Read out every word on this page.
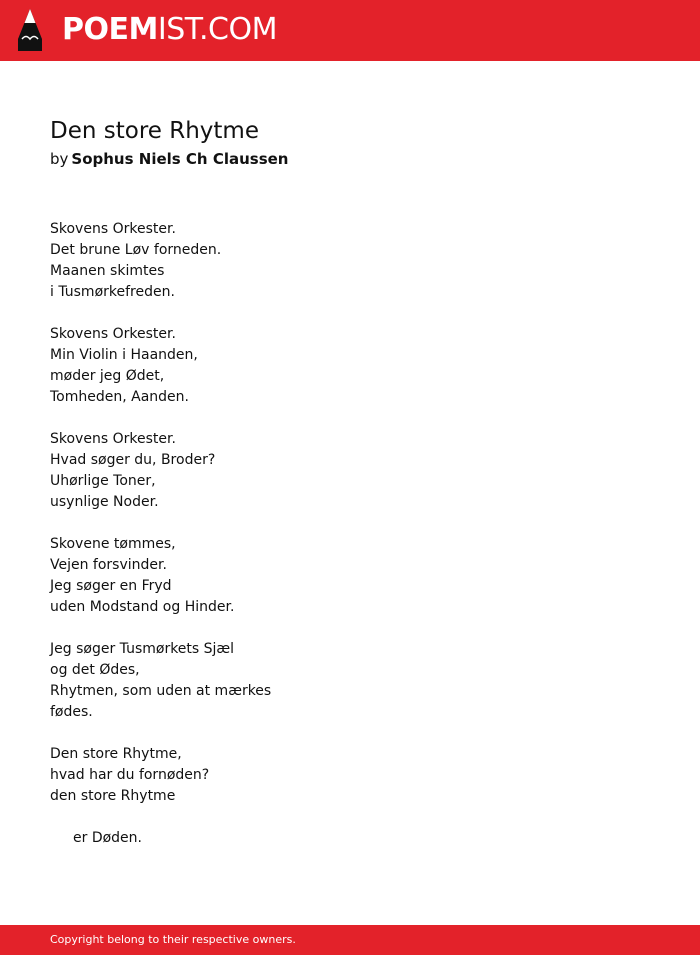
POEMIST.COM
Den store Rhytme
by Sophus Niels Ch Claussen
Skovens Orkester.
Det brune Løv forneden.
Maanen skimtes
i Tusmørkefreden.
Skovens Orkester.
Min Violin i Haanden,
møder jeg Ødet,
Tomheden, Aanden.
Skovens Orkester.
Hvad søger du, Broder?
Uhørlige Toner,
usynlige Noder.
Skovene tømmes,
Vejen forsvinder.
Jeg søger en Fryd
uden Modstand og Hinder.
Jeg søger Tusmørkets Sjæl
og det Ødes,
Rhytmen, som uden at mærkes
fødes.
Den store Rhytme,
hvad har du fornøden?
den store Rhytme
er Døden.
Copyright belong to their respective owners.
